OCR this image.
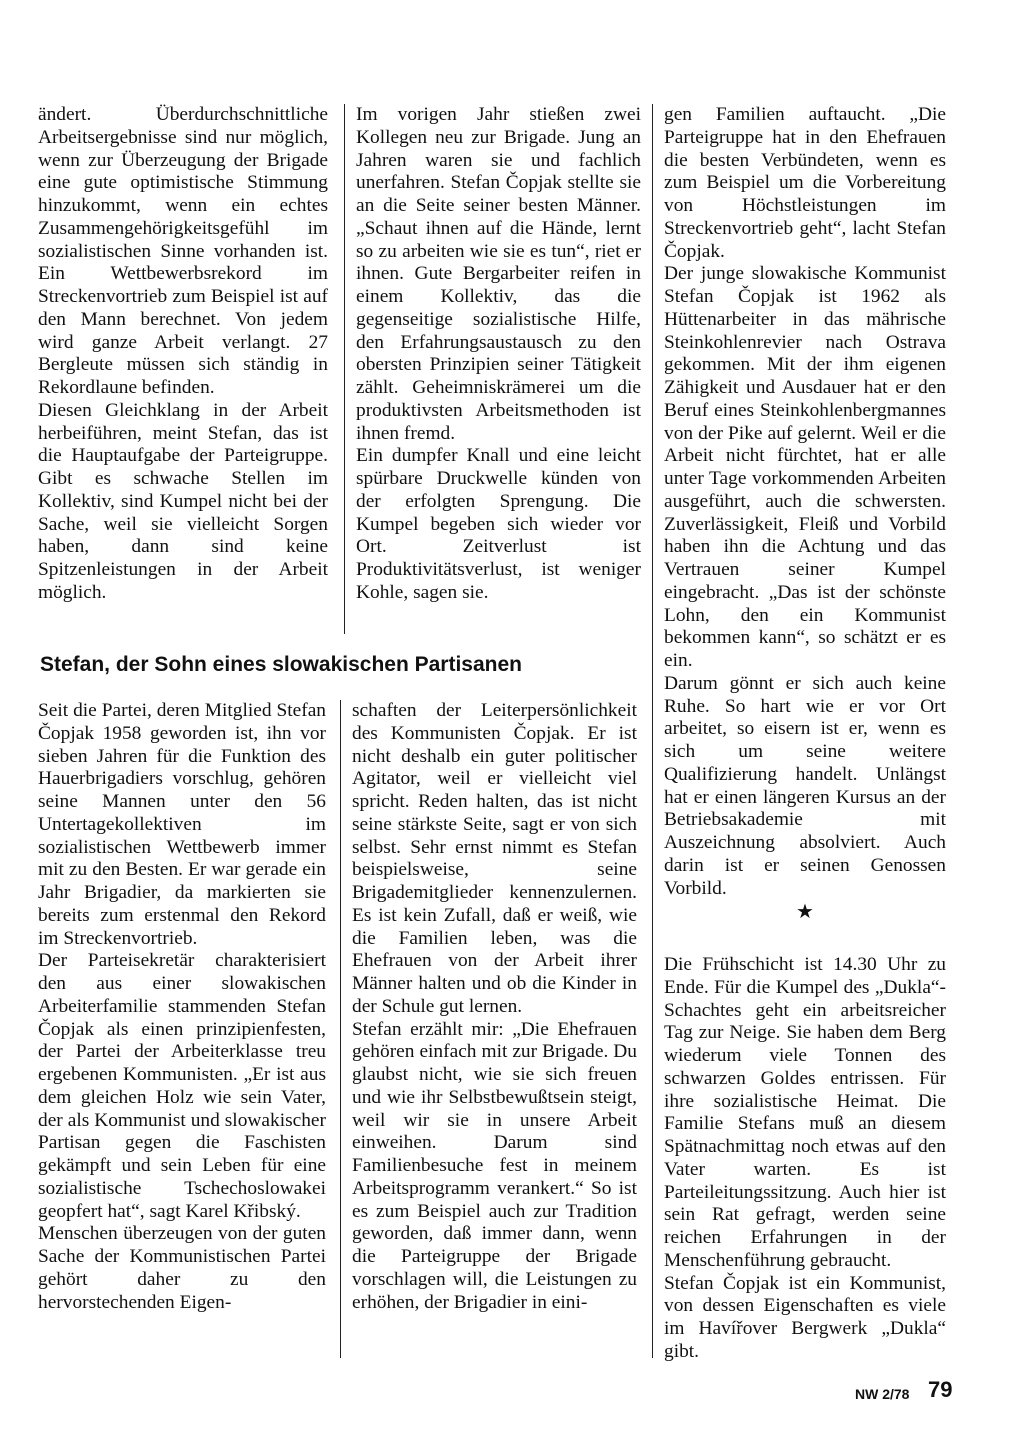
ändert. Überdurchschnittliche Arbeitsergebnisse sind nur möglich, wenn zur Überzeugung der Brigade eine gute optimistische Stimmung hinzukommt, wenn ein echtes Zusammengehörigkeitsgefühl im sozialistischen Sinne vorhanden ist. Ein Wettbewerbsrekord im Streckenvortrieb zum Beispiel ist auf den Mann berechnet. Von jedem wird ganze Arbeit verlangt. 27 Bergleute müssen sich ständig in Rekordlaune befinden.

Diesen Gleichklang in der Arbeit herbeiführen, meint Stefan, das ist die Hauptaufgabe der Parteigruppe. Gibt es schwache Stellen im Kollektiv, sind Kumpel nicht bei der Sache, weil sie vielleicht Sorgen haben, dann sind keine Spitzenleistungen in der Arbeit möglich.

Im vorigen Jahr stießen zwei Kollegen neu zur Brigade. Jung an Jahren waren sie und fachlich unerfahren. Stefan Čopjak stellte sie an die Seite seiner besten Männer. „Schaut ihnen auf die Hände, lernt so zu arbeiten wie sie es tun“, riet er ihnen. Gute Bergarbeiter reifen in einem Kollektiv, das die gegenseitige sozialistische Hilfe, den Erfahrungsaustausch zu den obersten Prinzipien seiner Tätigkeit zählt. Geheimniskrämerei um die produktivsten Arbeitsmethoden ist ihnen fremd.

Ein dumpfer Knall und eine leicht spürbare Druckwelle künden von der erfolgten Sprengung. Die Kumpel begeben sich wieder vor Ort. Zeitverlust ist Produktivitätsverlust, ist weniger Kohle, sagen sie.

Stefan, der Sohn eines slowakischen Partisanen

Seit die Partei, deren Mitglied Stefan Čopjak 1958 geworden ist, ihn vor sieben Jahren für die Funktion des Hauerbrigadiers vorschlug, gehören seine Mannen unter den 56 Untertagekollektiven im sozialistischen Wettbewerb immer mit zu den Besten. Er war gerade ein Jahr Brigadier, da markierten sie bereits zum erstenmal den Rekord im Streckenvortrieb.

Der Parteisekretär charakterisiert den aus einer slowakischen Arbeiterfamilie stammenden Stefan Čopjak als einen prinzipienfesten, der Partei der Arbeiterklasse treu ergebenen Kommunisten. „Er ist aus dem gleichen Holz wie sein Vater, der als Kommunist und slowakischer Partisan gegen die Faschisten gekämpft und sein Leben für eine sozialistische Tschechoslowakei geopfert hat“, sagt Karel Křibský.

Menschen überzeugen von der guten Sache der Kommunistischen Partei gehört daher zu den hervorstechenden Eigen-

schaften der Leiterpersönlichkeit des Kommunisten Čopjak. Er ist nicht deshalb ein guter politischer Agitator, weil er vielleicht viel spricht. Reden halten, das ist nicht seine stärkste Seite, sagt er von sich selbst. Sehr ernst nimmt es Stefan beispielsweise, seine Brigademitglieder kennenzulernen. Es ist kein Zufall, daß er weiß, wie die Familien leben, was die Ehefrauen von der Arbeit ihrer Männer halten und ob die Kinder in der Schule gut lernen.

Stefan erzählt mir: „Die Ehefrauen gehören einfach mit zur Brigade. Du glaubst nicht, wie sie sich freuen und wie ihr Selbstbewußtsein steigt, weil wir sie in unsere Arbeit einweihen. Darum sind Familienbesuche fest in meinem Arbeitsprogramm verankert.“ So ist es zum Beispiel auch zur Tradition geworden, daß immer dann, wenn die Parteigruppe der Brigade vorschlagen will, die Leistungen zu erhöhen, der Brigadier in eini-

gen Familien auftaucht. „Die Parteigruppe hat in den Ehefrauen die besten Verbündeten, wenn es zum Beispiel um die Vorbereitung von Höchstleistungen im Streckenvortrieb geht“, lacht Stefan Čopjak.

Der junge slowakische Kommunist Stefan Čopjak ist 1962 als Hüttenarbeiter in das mährische Steinkohlenrevier nach Ostrava gekommen. Mit der ihm eigenen Zähigkeit und Ausdauer hat er den Beruf eines Steinkohlenbergmannes von der Pike auf gelernt. Weil er die Arbeit nicht fürchtet, hat er alle unter Tage vorkommenden Arbeiten ausgeführt, auch die schwersten. Zuverlässigkeit, Fleiß und Vorbild haben ihn die Achtung und das Vertrauen seiner Kumpel eingebracht. „Das ist der schönste Lohn, den ein Kommunist bekommen kann“, so schätzt er es ein.

Darum gönnt er sich auch keine Ruhe. So hart wie er vor Ort arbeitet, so eisern ist er, wenn es sich um seine weitere Qualifizierung handelt. Unlängst hat er einen längeren Kursus an der Betriebsakademie mit Auszeichnung absolviert. Auch darin ist er seinen Genossen Vorbild.

★

Die Frühschicht ist 14.30 Uhr zu Ende. Für die Kumpel des „Dukla“-Schachtes geht ein arbeitsreicher Tag zur Neige. Sie haben dem Berg wiederum viele Tonnen des schwarzen Goldes entrissen. Für ihre sozialistische Heimat. Die Familie Stefans muß an diesem Spätnachmittag noch etwas auf den Vater warten. Es ist Parteileitungssitzung. Auch hier ist sein Rat gefragt, werden seine reichen Erfahrungen in der Menschenführung gebraucht.

Stefan Čopjak ist ein Kommunist, von dessen Eigenschaften es viele im Havířover Bergwerk „Dukla“ gibt.

NW 2/78 79
